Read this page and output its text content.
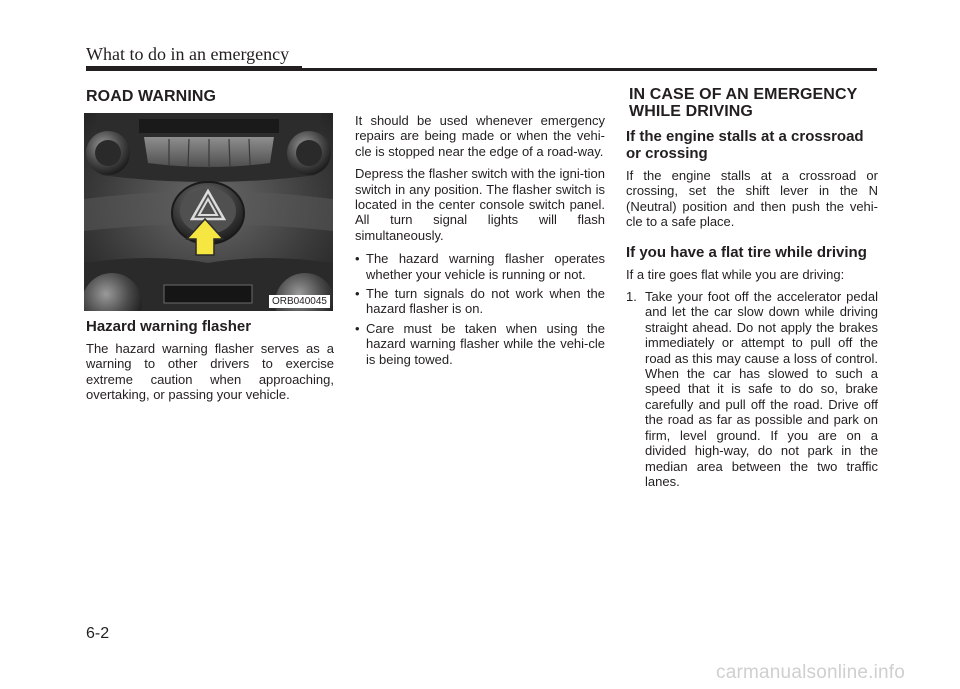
What to do in an emergency
ROAD WARNING
ORB040045
Hazard warning flasher

The hazard warning flasher serves as a warning to other drivers to exercise extreme caution when approaching, overtaking, or passing your vehicle.

It should be used whenever emergency repairs are being made or when the vehi-cle is stopped near the edge of a road-way.

Depress the flasher switch with the igni-tion switch in any position. The flasher switch is located in the center console switch panel. All turn signal lights will flash simultaneously.

• The hazard warning flasher operates whether your vehicle is running or not.
• The turn signals do not work when the hazard flasher is on.
• Care must be taken when using the hazard warning flasher while the vehi-cle is being towed.
IN CASE OF AN EMERGENCY
WHILE DRIVING
If the engine stalls at a crossroad
or crossing

If the engine stalls at a crossroad or crossing, set the shift lever in the N (Neutral) position and then push the vehi-cle to a safe place.

If you have a flat tire while driving

If a tire goes flat while you are driving:

1. Take your foot off the accelerator pedal and let the car slow down while driving straight ahead. Do not apply the brakes immediately or attempt to pull off the road as this may cause a loss of control. When the car has slowed to such a speed that it is safe to do so, brake carefully and pull off the road. Drive off the road as far as possible and park on firm, level ground. If you are on a divided high-way, do not park in the median area between the two traffic lanes.
6-2
carmanualsonline.info
